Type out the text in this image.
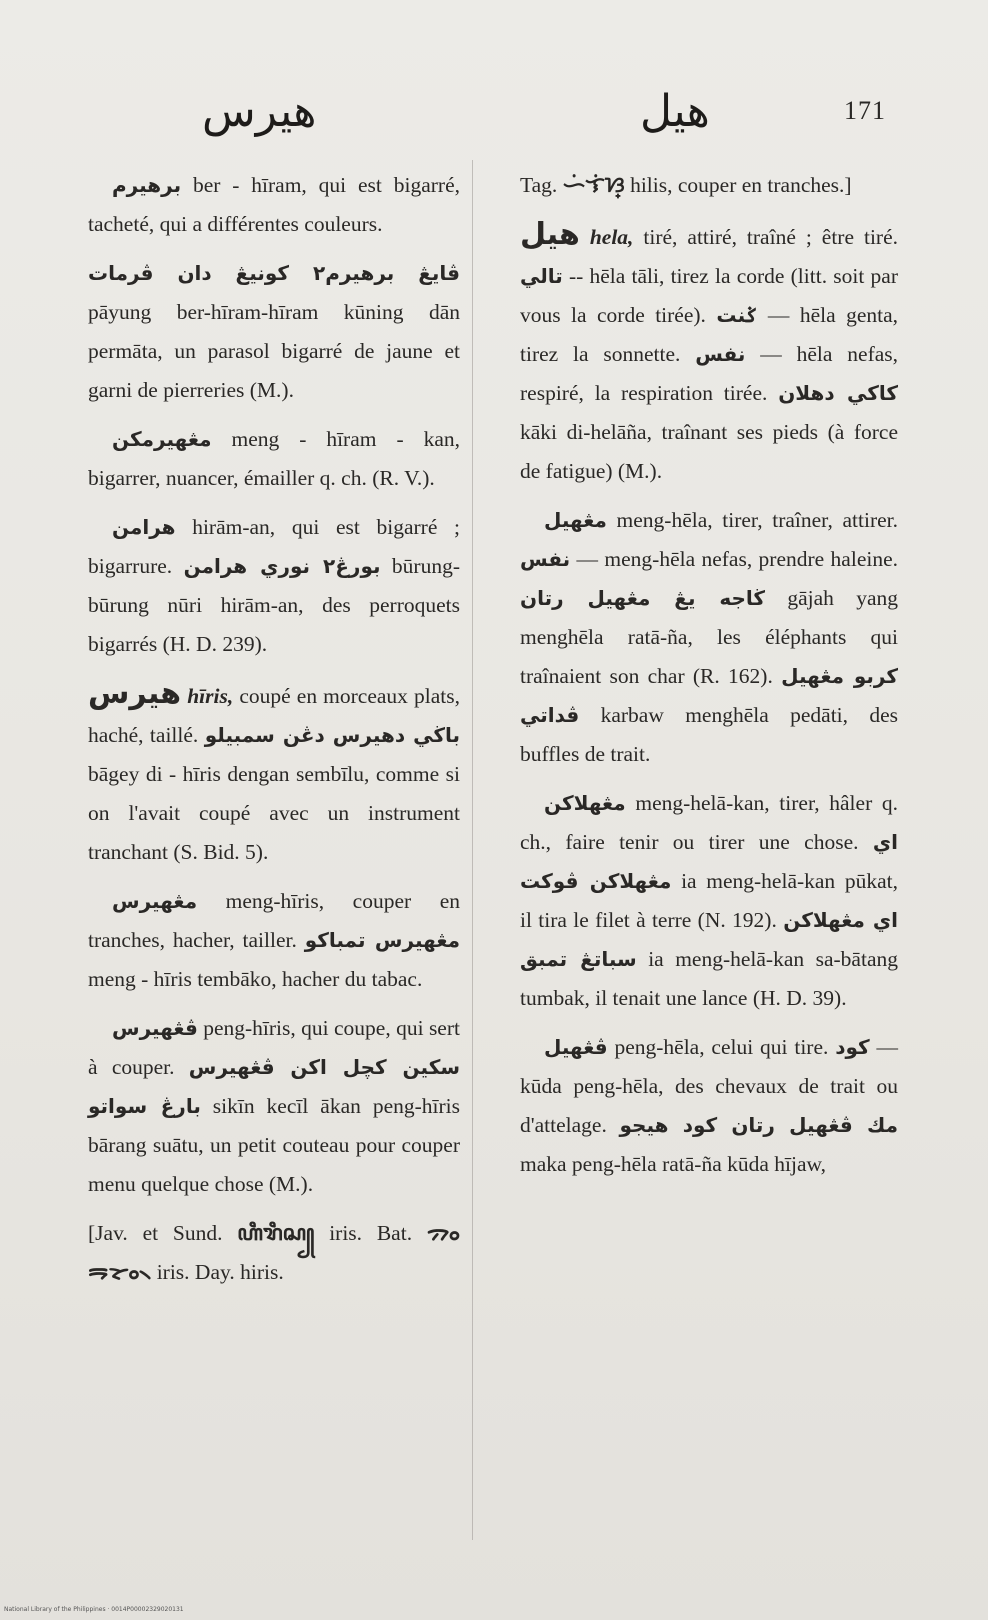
هيرس	هيل	171

برهيرم ber - hīram, qui est bigarré, tacheté, qui a différentes couleurs.

ڤايڠ برهيرم٢ كونيڠ دان ڤرمات pāyung ber-hīram-hīram kūning dān permāta, un parasol bigarré de jaune et garni de pierreries (M.).

مڠهيرمكن meng - hīram - kan, bigarrer, nuancer, émailler q. ch. (R. V.).

هرامن hirām-an, qui est bigarré ; bigarrure. بورڠ٢ نوري هرامن būrung-būrung nūri hirām-an, des perroquets bigarrés (H. D. 239).

هيرس hīris, coupé en morceaux plats, haché, taillé. باڬي دهيرس دڠن سمبيلو bāgey di - hīris dengan sembīlu, comme si on l'avait coupé avec un instrument tranchant (S. Bid. 5).

مڠهيرس meng-hīris, couper en tranches, hacher, tailler. مڠهيرس تمباكو meng - hīris tembāko, hacher du tabac.

ڤڠهيرس peng-hīris, qui coupe, qui sert à couper. سكين كچل اكن ڤڠهيرس بارڠ سواتو sikīn kecīl ākan peng-hīris bārang suātu, un petit couteau pour couper menu quelque chose (M.).

[Jav. et Sund. ꦲꦶꦫꦶꦱ꧀ iris. Bat. ᯄᯪᯒᯪᯘ᯲ iris. Day. hiris.

Tag. ᜑᜒᜎᜒᜐ᜔ hilis, couper en tranches.]

هيل hela, tiré, attiré, traîné ; être tiré. تالي -- hēla tāli, tirez la corde (litt. soit par vous la corde tirée). ݢنت — hēla genta, tirez la sonnette. نفس — hēla nefas, respiré, la respiration tirée. كاكي دهلان kāki di-helāña, traînant ses pieds (à force de fatigue) (M.).

مڠهيل meng-hēla, tirer, traîner, attirer. نفس — meng-hēla nefas, prendre haleine. ڬاجه يڠ مڠهيل رتان gājah yang menghēla ratā-ña, les éléphants qui traînaient son char (R. 162). كربو مڠهيل ڤداتي karbaw menghēla pedāti, des buffles de trait.

مڠهلاكن meng-helā-kan, tirer, hâler q. ch., faire tenir ou tirer une chose. اي مڠهلاكن ڤوكت ia meng-helā-kan pūkat, il tira le filet à terre (N. 192). اي مڠهلاكن سباتڠ تمبق ia meng-helā-kan sa-bātang tumbak, il tenait une lance (H. D. 39).

ڤڠهيل peng-hēla, celui qui tire. كود — kūda peng-hēla, des chevaux de trait ou d'attelage. مك ڤڠهيل رتان كود هيجو maka peng-hēla ratā-ña kūda hījaw,

National Library of the Philippines · 0014P00002329020131
